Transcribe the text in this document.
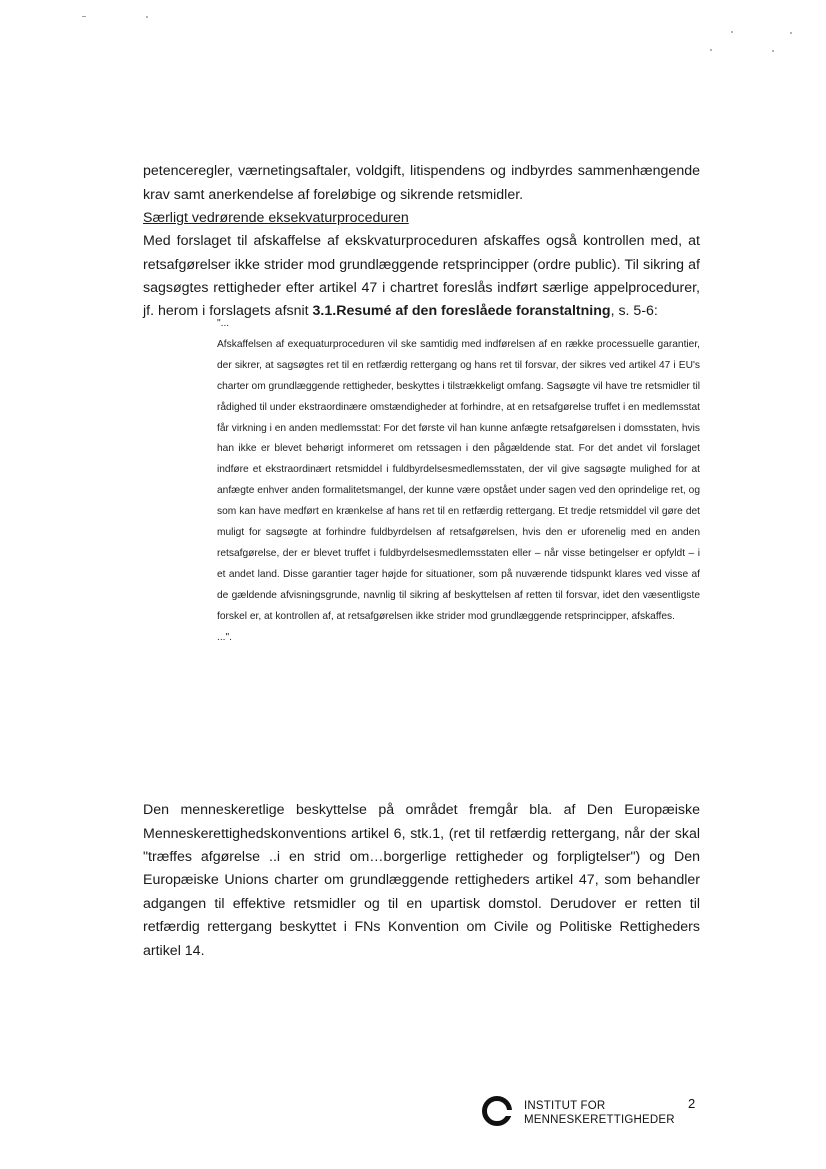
petenceregler, værnetingsaftaler, voldgift, litispendens og indbyrdes sammenhængende krav samt anerkendelse af foreløbige og sikrende retsmidler.

Særligt vedrørende eksekvaturproceduren

Med forslaget til afskaffelse af ekskvaturproceduren afskaffes også kontrollen med, at retsafgørelser ikke strider mod grundlæggende retsprincipper (ordre public). Til sikring af sagsøgtes rettigheder efter artikel 47 i chartret foreslås indført særlige appelprocedurer, jf. herom i forslagets afsnit 3.1.Resumé af den foreslåede foranstaltning, s. 5-6:

"...

Afskaffelsen af exequaturproceduren vil ske samtidig med indførelsen af en række processuelle garantier, der sikrer, at sagsøgtes ret til en retfærdig rettergang og hans ret til forsvar, der sikres ved artikel 47 i EU's charter om grundlæggende rettigheder, beskyttes i tilstrækkeligt omfang. Sagsøgte vil have tre retsmidler til rådighed til under ekstraordinære omstændigheder at forhindre, at en retsafgørelse truffet i en medlemsstat får virkning i en anden medlemsstat: For det første vil han kunne anfægte retsafgørelsen i domsstaten, hvis han ikke er blevet behørigt informeret om retssagen i den pågældende stat. For det andet vil forslaget indføre et ekstraordinært retsmiddel i fuldbyrdelsesmedlemsstaten, der vil give sagsøgte mulighed for at anfægte enhver anden formalitetsmangel, der kunne være opstået under sagen ved den oprindelige ret, og som kan have medført en krænkelse af hans ret til en retfærdig rettergang. Et tredje retsmiddel vil gøre det muligt for sagsøgte at forhindre fuldbyrdelsen af retsafgørelsen, hvis den er uforenelig med en anden retsafgørelse, der er blevet truffet i fuldbyrdelsesmedlemsstaten eller – når visse betingelser er opfyldt – i et andet land. Disse garantier tager højde for situationer, som på nuværende tidspunkt klares ved visse af de gældende afvisningsgrunde, navnlig til sikring af beskyttelsen af retten til forsvar, idet den væsentligste forskel er, at kontrollen af, at retsafgørelsen ikke strider mod grundlæggende retsprincipper, afskaffes.

...".

Den menneskeretlige beskyttelse på området fremgår bla. af Den Europæiske Menneskerettighedskonventions artikel 6, stk.1, (ret til retfærdig rettergang, når der skal "træffes afgørelse ..i en strid om…borgerlige rettigheder og forpligtelser") og Den Europæiske Unions charter om grundlæggende rettigheders artikel 47, som behandler adgangen til effektive retsmidler og til en upartisk domstol. Derudover er retten til retfærdig rettergang beskyttet i FNs Konvention om Civile og Politiske Rettigheders artikel 14.

INSTITUT FOR
MENNESKERETTIGHEDER
2
